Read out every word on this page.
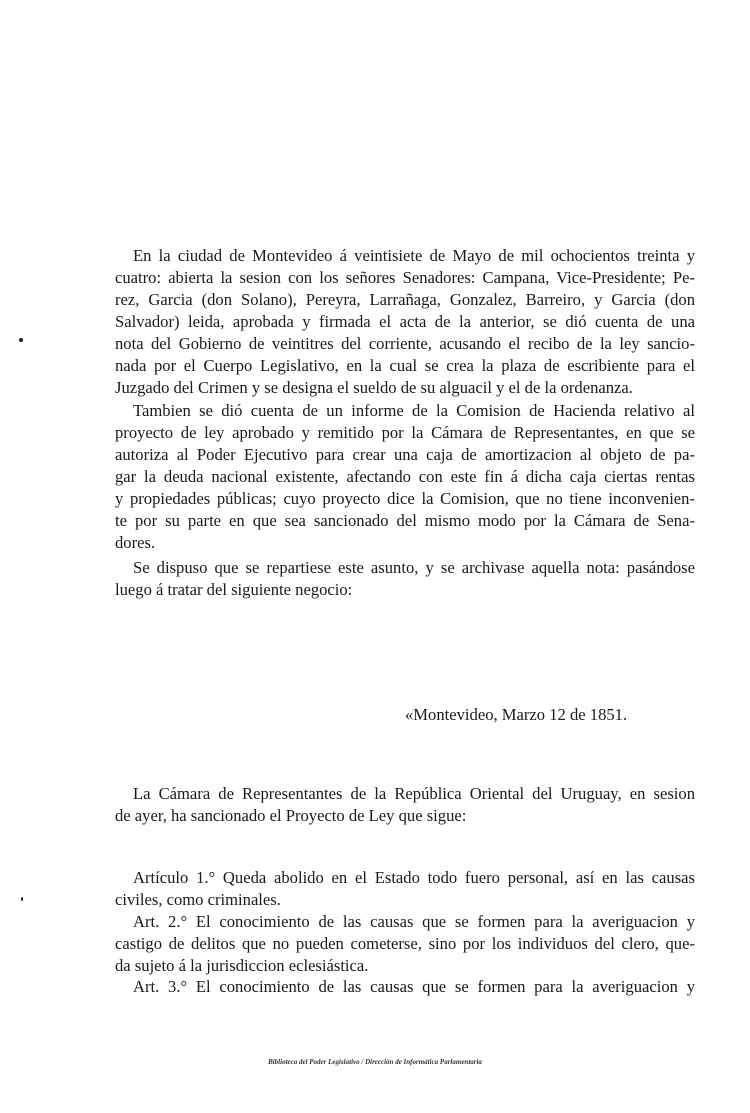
En la ciudad de Montevideo á veintisiete de Mayo de mil ochocientos treinta y
cuatro: abierta la sesion con los señores Senadores: Campana, Vice-Presidente; Pe-
rez, Garcia (don Solano), Pereyra, Larrañaga, Gonzalez, Barreiro, y Garcia (don
Salvador) leida, aprobada y firmada el acta de la anterior, se dió cuenta de una
nota del Gobierno de veintitres del corriente, acusando el recibo de la ley sancio-
nada por el Cuerpo Legislativo, en la cual se crea la plaza de escribiente para el
Juzgado del Crimen y se designa el sueldo de su alguacil y el de la ordenanza.
Tambien se dió cuenta de un informe de la Comision de Hacienda relativo al
proyecto de ley aprobado y remitido por la Cámara de Representantes, en que se
autoriza al Poder Ejecutivo para crear una caja de amortizacion al objeto de pa-
gar la deuda nacional existente, afectando con este fin á dicha caja ciertas rentas
y propiedades públicas; cuyo proyecto dice la Comision, que no tiene inconvenien-
te por su parte en que sea sancionado del mismo modo por la Cámara de Sena-
dores.
Se dispuso que se repartiese este asunto, y se archivase aquella nota: pasándose
luego á tratar del siguiente negocio:
«Montevideo, Marzo 12 de 1851.
La Cámara de Representantes de la República Oriental del Uruguay, en sesion
de ayer, ha sancionado el Proyecto de Ley que sigue:
Artículo 1.° Queda abolido en el Estado todo fuero personal, así en las causas
civiles, como criminales.
Art. 2.° El conocimiento de las causas que se formen para la averiguacion y
castigo de delitos que no pueden cometerse, sino por los individuos del clero, que-
da sujeto á la jurisdiccion eclesiástica.
Art. 3.° El conocimiento de las causas que se formen para la averiguacion y
Biblioteca del Poder Legislativo / Dirección de Informática Parlamentaria
